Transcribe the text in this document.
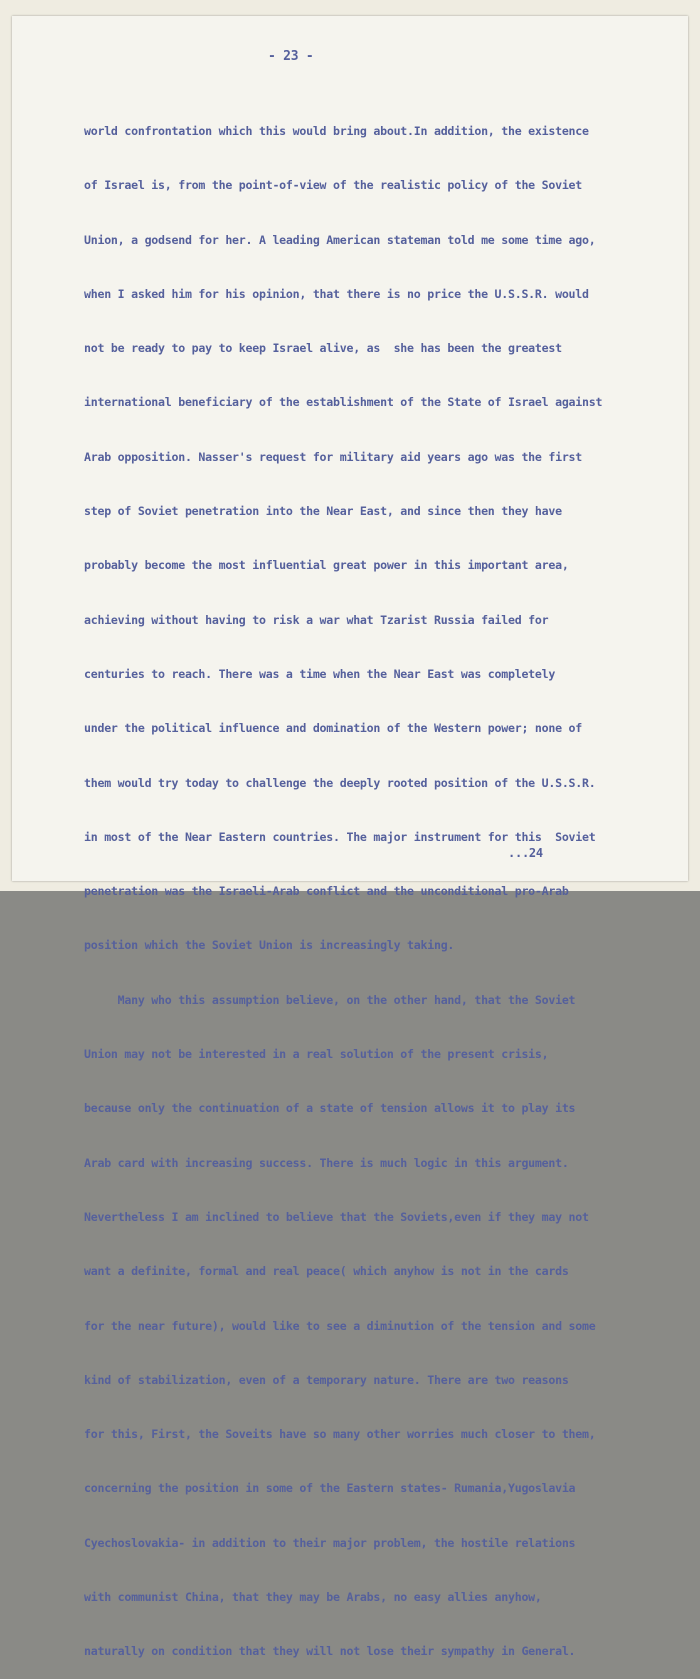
- 23 -

world confrontation which this would bring about.In addition, the existence

of Israel is, from the point-of-view of the realistic policy of the Soviet

Union, a godsend for her. A leading American stateman told me some time ago,

when I asked him for his opinion, that there is no price the U.S.S.R. would

not be ready to pay to keep Israel alive, as  she has been the greatest

international beneficiary of the establishment of the State of Israel against

Arab opposition. Nasser's request for military aid years ago was the first

step of Soviet penetration into the Near East, and since then they have

probably become the most influential great power in this important area,

achieving without having to risk a war what Tzarist Russia failed for

centuries to reach. There was a time when the Near East was completely

under the political influence and domination of the Western power; none of

them would try today to challenge the deeply rooted position of the U.S.S.R.

in most of the Near Eastern countries. The major instrument for this  Soviet

penetration was the Israeli-Arab conflict and the unconditional pro-Arab

position which the Soviet Union is increasingly taking.

Many who this assumption believe, on the other hand, that the Soviet

Union may not be interested in a real solution of the present crisis,

because only the continuation of a state of tension allows it to play its

Arab card with increasing success. There is much logic in this argument.

Nevertheless I am inclined to believe that the Soviets,even if they may not

want a definite, formal and real peace( which anyhow is not in the cards

for the near future), would like to see a diminution of the tension and some

kind of stabilization, even of a temporary nature. There are two reasons

for this, First, the Soveits have so many other worries much closer to them,

concerning the position in some of the Eastern states- Rumania,Yugoslavia

Cyechoslovakia- in addition to their major problem, the hostile relations

with communist China, that they may be Arabs, no easy allies anyhow,

naturally on condition that they will not lose their sympathy in General.

...24
